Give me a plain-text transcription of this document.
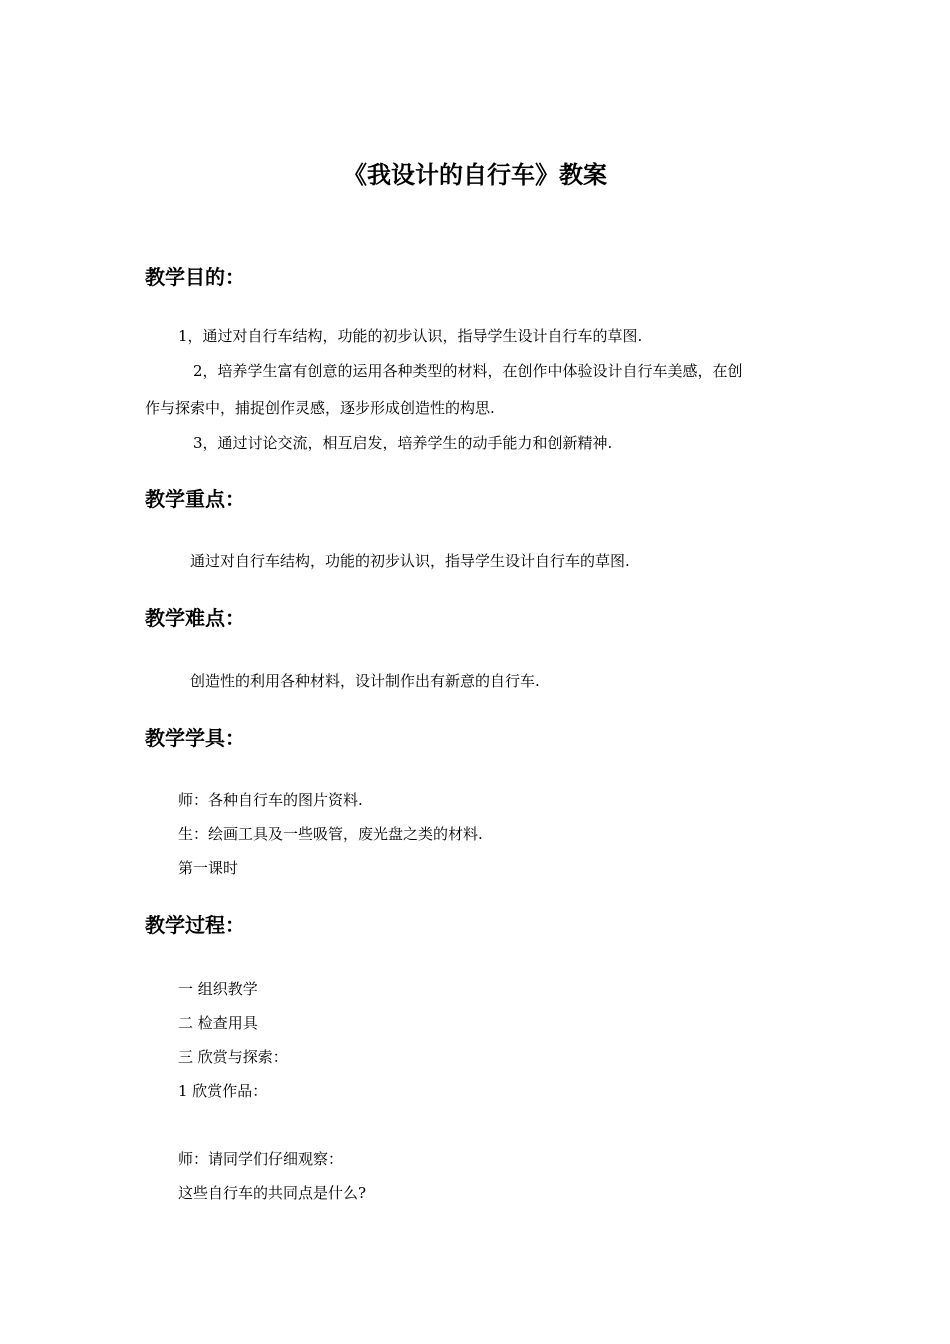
《我设计的自行车》教案
教学目的：

1，通过对自行车结构，功能的初步认识，指导学生设计自行车的草图.

2，培养学生富有创意的运用各种类型的材料，在创作中体验设计自行车美感，在创

作与探索中，捕捉创作灵感，逐步形成创造性的构思.

3，通过讨论交流，相互启发，培养学生的动手能力和创新精神.

教学重点：

通过对自行车结构，功能的初步认识，指导学生设计自行车的草图.

教学难点：

创造性的利用各种材料，设计制作出有新意的自行车.

教学学具：

师：各种自行车的图片资料.

生：绘画工具及一些吸管，废光盘之类的材料.

第一课时

教学过程：

一 组织教学

二 检查用具

三 欣赏与探索：

1 欣赏作品：

师：请同学们仔细观察：

这些自行车的共同点是什么?
